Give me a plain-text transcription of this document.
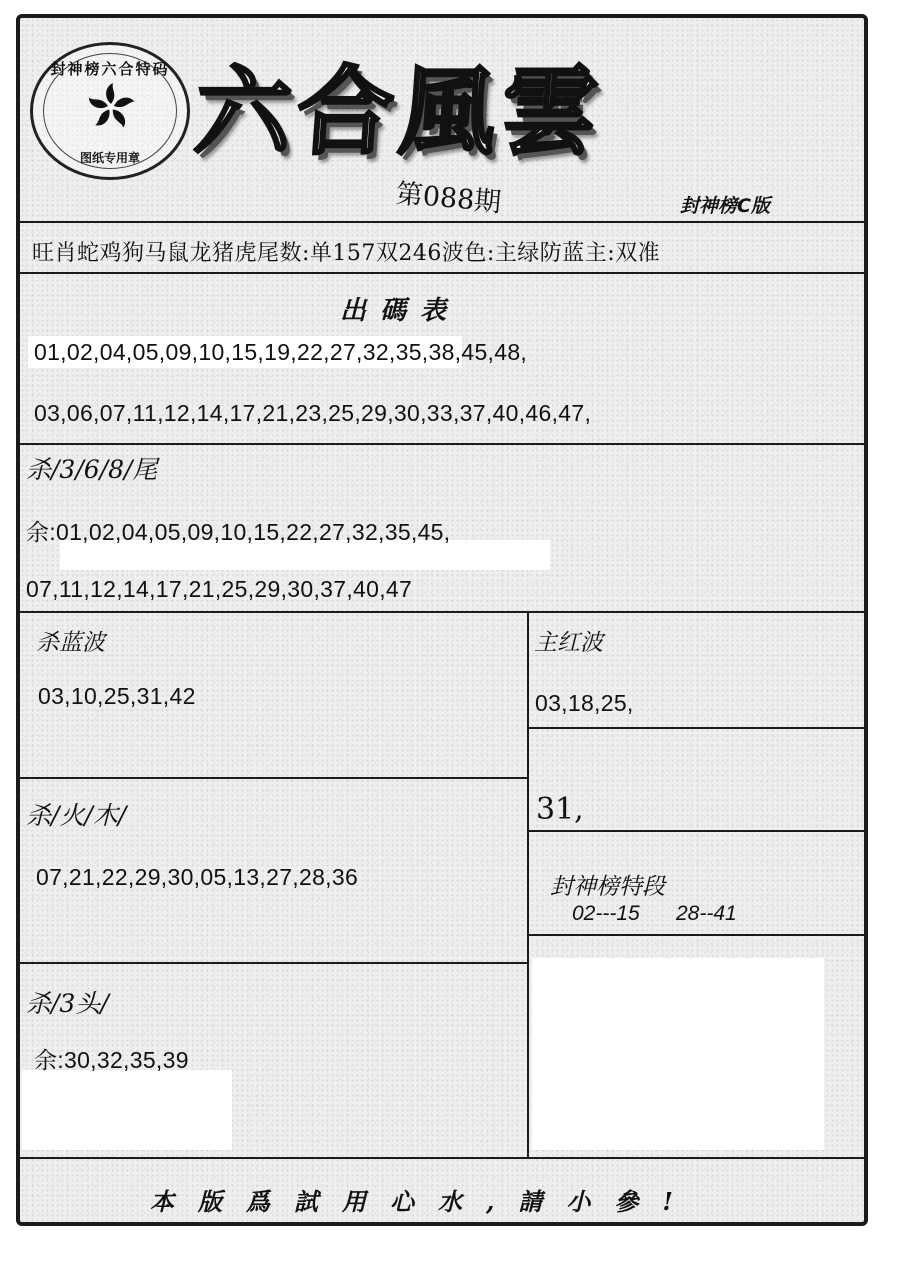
封神榜六合特码
图纸专用章 六合風雲
第088期	封神榜C版
旺肖蛇鸡狗马鼠龙猪虎尾数:单157双246波色:主绿防蓝主:双准
出碼表
01,02,04,05,09,10,15,19,22,27,32,35,38,45,48,
03,06,07,11,12,14,17,21,23,25,29,30,33,37,40,46,47,
杀/3/6/8/尾
余:01,02,04,05,09,10,15,22,27,32,35,45,
07,11,12,14,17,21,25,29,30,37,40,47
杀蓝波
03,10,25,31,42
主红波
03,18,25,
31,
杀/火/木/
07,21,22,29,30,05,13,27,28,36	封神榜特段
02---15 28--41
杀/3头/
余:30,32,35,39
本版爲試用心水,請小參!
